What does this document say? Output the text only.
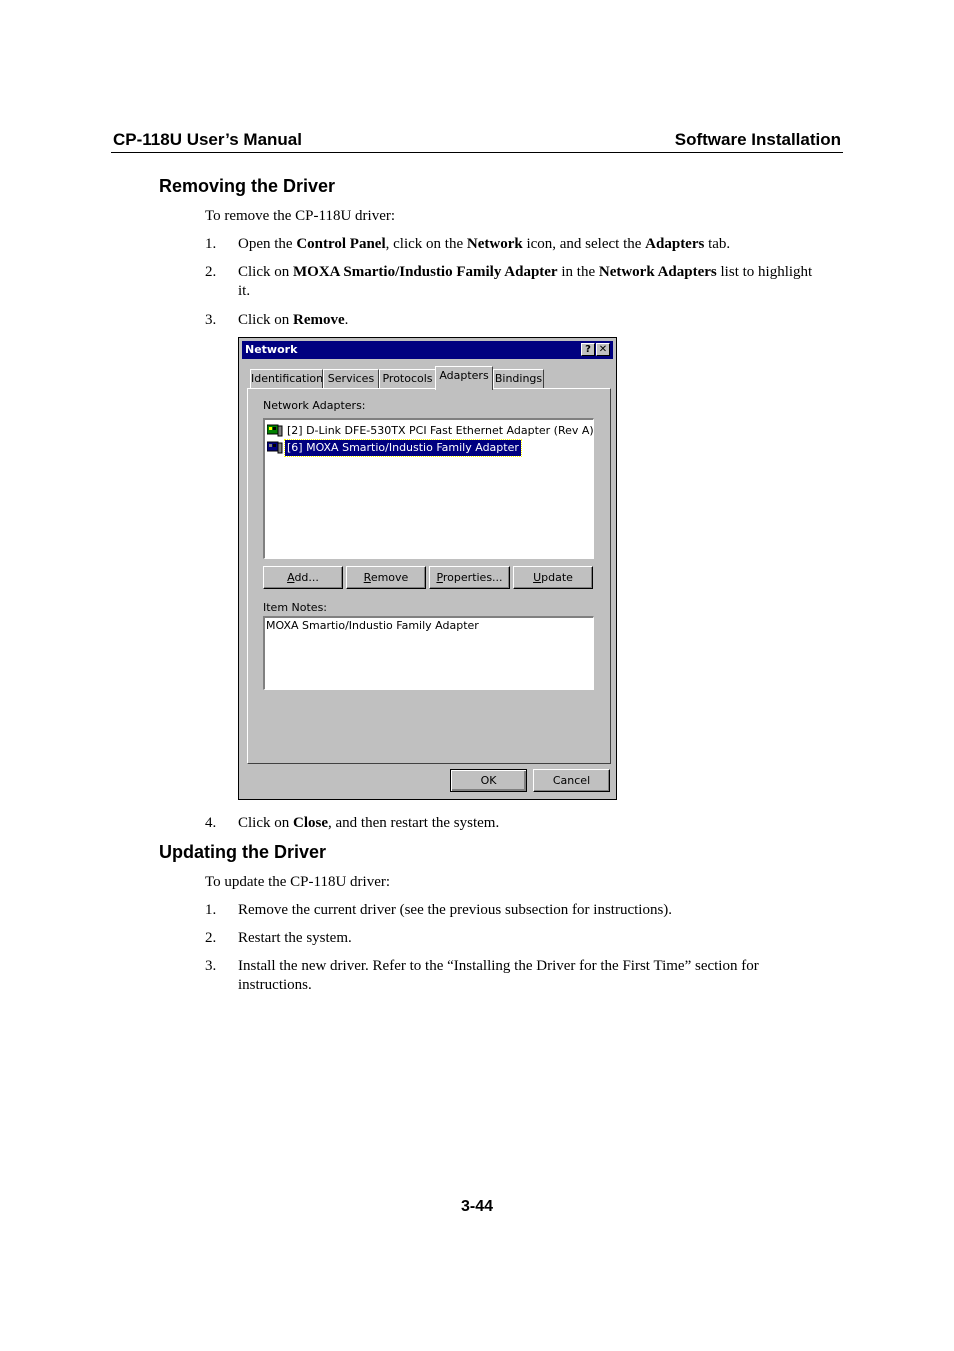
CP-118U User’s Manual	Software Installation
Removing the Driver
To remove the CP-118U driver:
1. Open the Control Panel, click on the Network icon, and select the Adapters tab.
2. Click on MOXA Smartio/Industio Family Adapter in the Network Adapters list to highlight it.
3. Click on Remove.
Network	? ✕
Identification Services Protocols Adapters Bindings
Network Adapters:
[2] D-Link DFE-530TX PCI Fast Ethernet Adapter (Rev A)
[6] MOXA Smartio/Industio Family Adapter
Add...	Remove	Properties...	Update
Item Notes:
MOXA Smartio/Industio Family Adapter
OK	Cancel
4. Click on Close, and then restart the system.
Updating the Driver
To update the CP-118U driver:
1. Remove the current driver (see the previous subsection for instructions).
2. Restart the system.
3. Install the new driver. Refer to the “Installing the Driver for the First Time” section for instructions.
3-44
